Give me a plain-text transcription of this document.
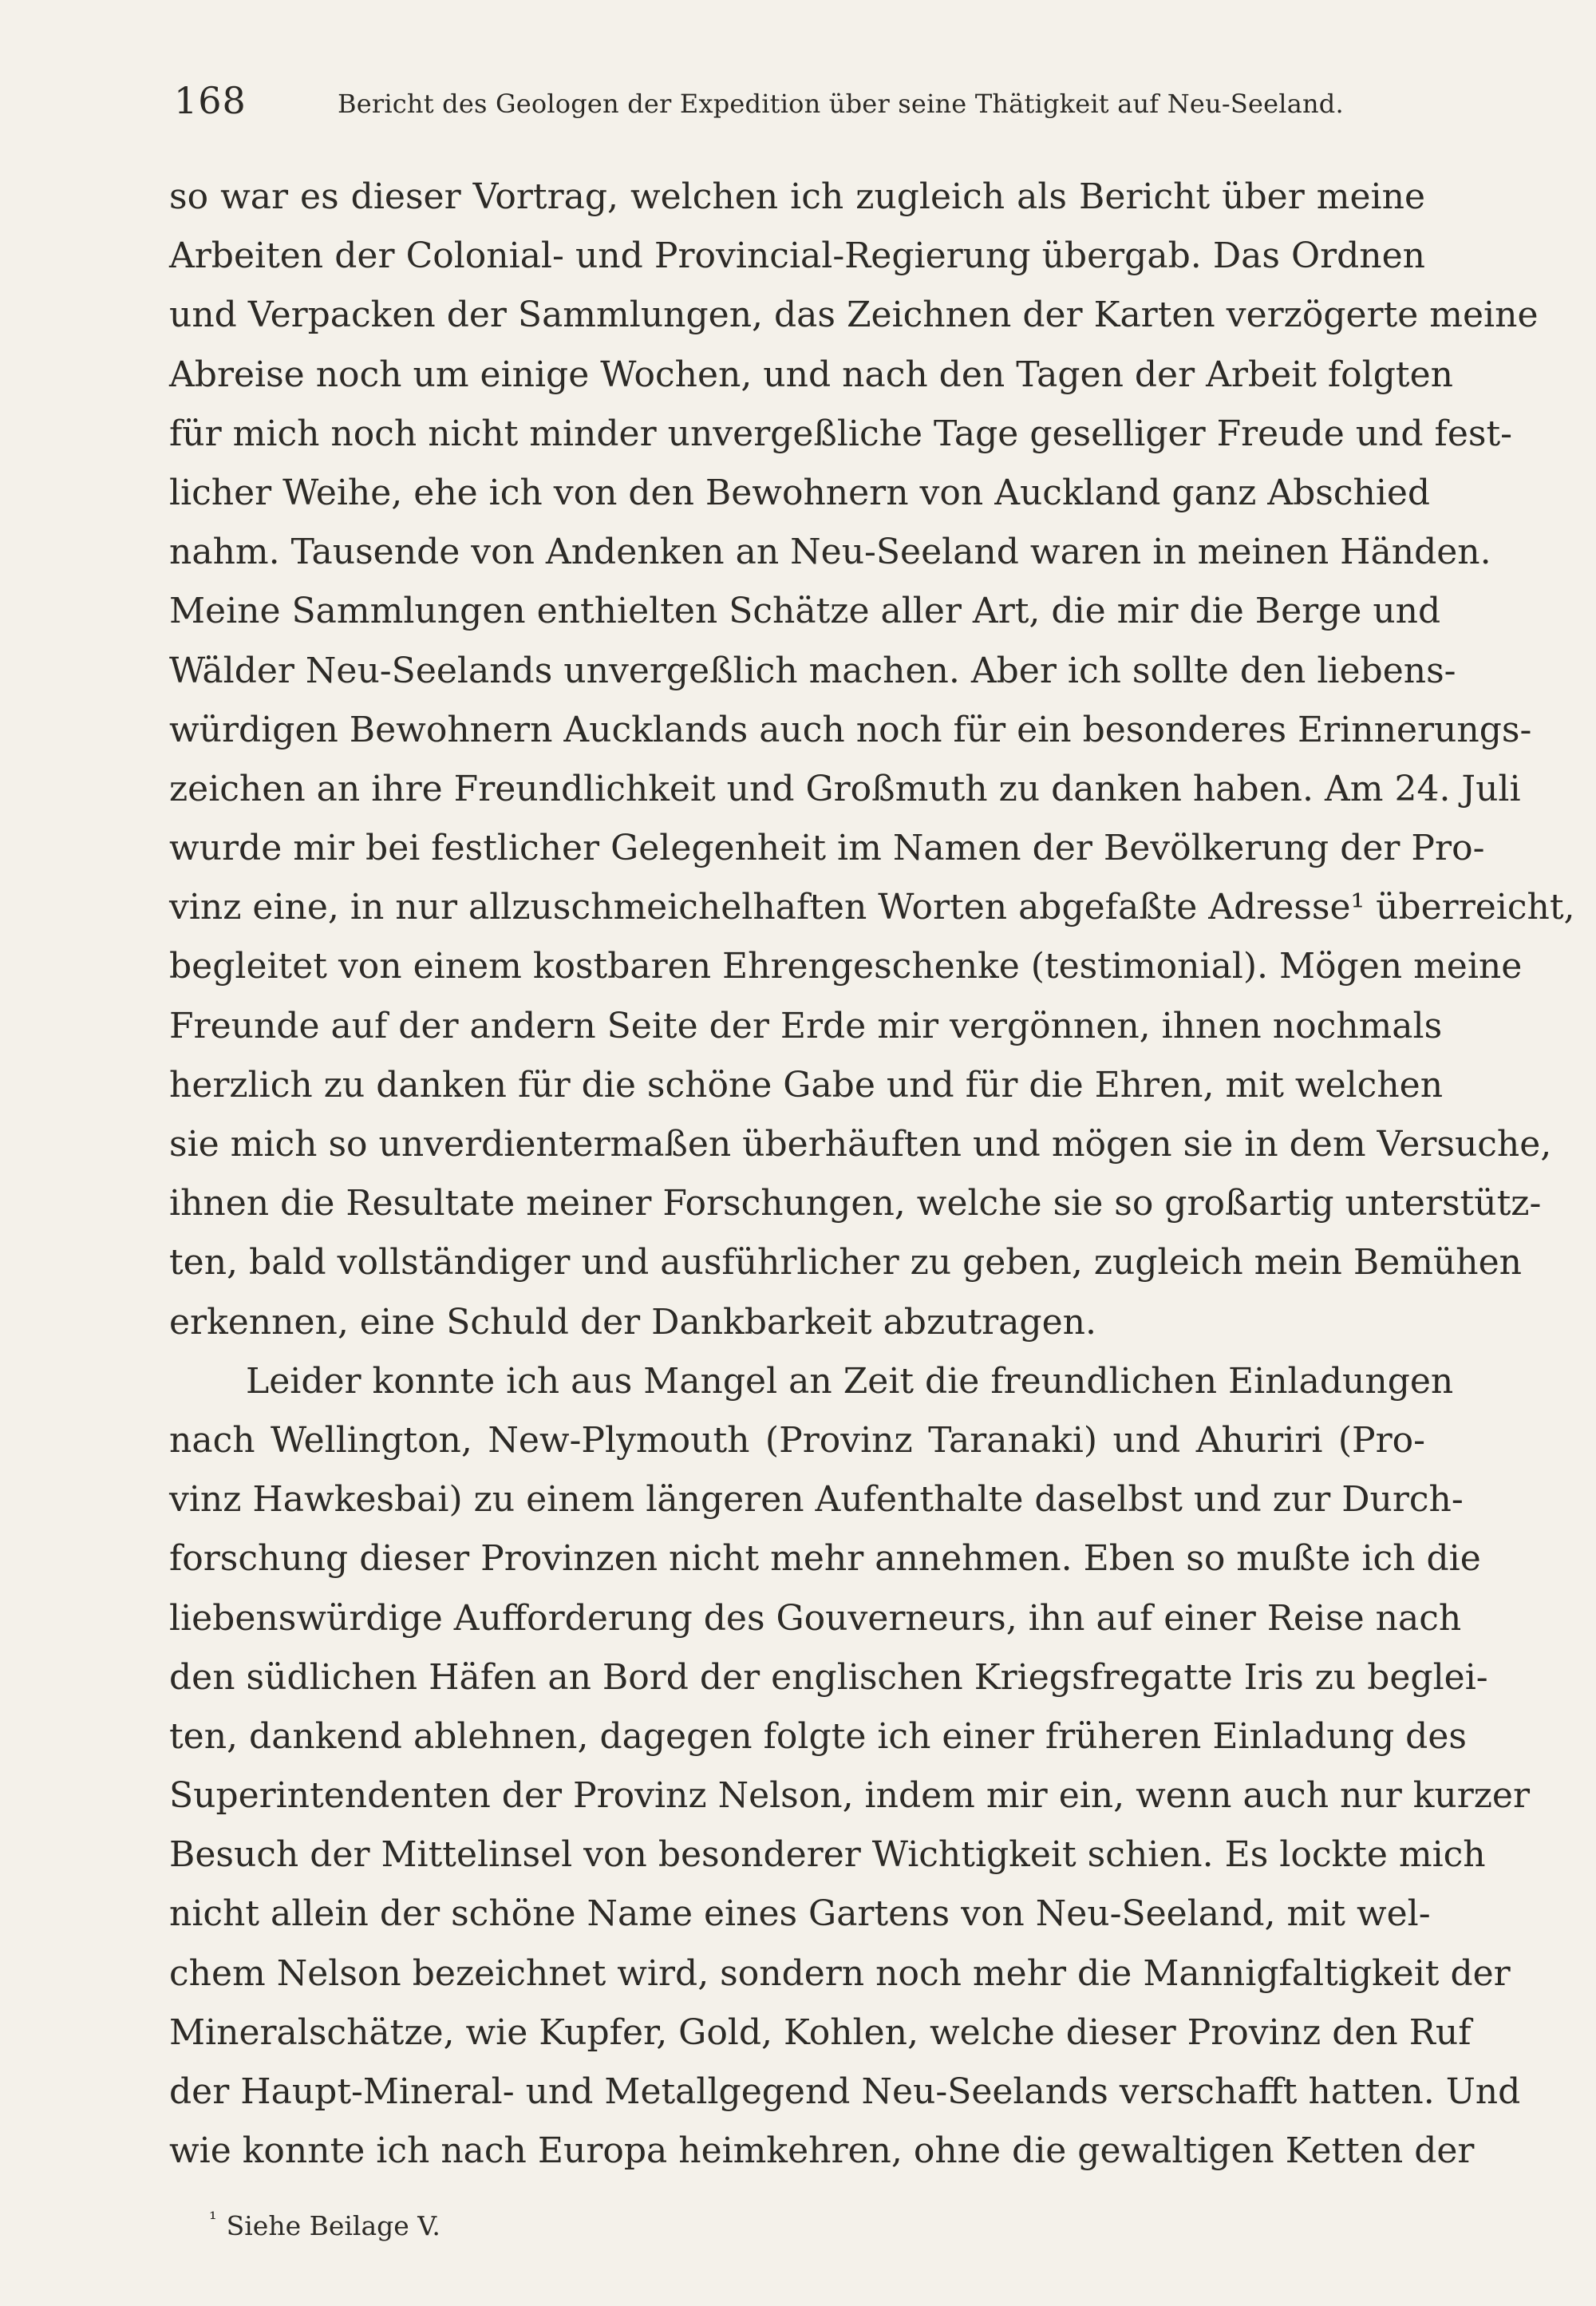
168	Bericht des Geologen der Expedition über seine Thätigkeit auf Neu-Seeland.
so war es dieser Vortrag, welchen ich zugleich als Bericht über meine
Arbeiten der Colonial- und Provincial-Regierung übergab. Das Ordnen
und Verpacken der Sammlungen, das Zeichnen der Karten verzögerte meine
Abreise noch um einige Wochen, und nach den Tagen der Arbeit folgten
für mich noch nicht minder unvergeßliche Tage geselliger Freude und fest-
licher Weihe, ehe ich von den Bewohnern von Auckland ganz Abschied
nahm. Tausende von Andenken an Neu-Seeland waren in meinen Händen.
Meine Sammlungen enthielten Schätze aller Art, die mir die Berge und
Wälder Neu-Seelands unvergeßlich machen. Aber ich sollte den liebens-
würdigen Bewohnern Aucklands auch noch für ein besonderes Erinnerungs-
zeichen an ihre Freundlichkeit und Großmuth zu danken haben. Am 24. Juli
wurde mir bei festlicher Gelegenheit im Namen der Bevölkerung der Pro-
vinz eine, in nur allzuschmeichelhaften Worten abgefaßte Adresse¹ überreicht,
begleitet von einem kostbaren Ehrengeschenke (testimonial). Mögen meine
Freunde auf der andern Seite der Erde mir vergönnen, ihnen nochmals
herzlich zu danken für die schöne Gabe und für die Ehren, mit welchen
sie mich so unverdientermaßen überhäuften und mögen sie in dem Versuche,
ihnen die Resultate meiner Forschungen, welche sie so großartig unterstütz-
ten, bald vollständiger und ausführlicher zu geben, zugleich mein Bemühen
erkennen, eine Schuld der Dankbarkeit abzutragen.
Leider konnte ich aus Mangel an Zeit die freundlichen Einladungen
nach Wellington, New-Plymouth (Provinz Taranaki) und Ahuriri (Pro-
vinz Hawkesbai) zu einem längeren Aufenthalte daselbst und zur Durch-
forschung dieser Provinzen nicht mehr annehmen. Eben so mußte ich die
liebenswürdige Aufforderung des Gouverneurs, ihn auf einer Reise nach
den südlichen Häfen an Bord der englischen Kriegsfregatte Iris zu beglei-
ten, dankend ablehnen, dagegen folgte ich einer früheren Einladung des
Superintendenten der Provinz Nelson, indem mir ein, wenn auch nur kurzer
Besuch der Mittelinsel von besonderer Wichtigkeit schien. Es lockte mich
nicht allein der schöne Name eines Gartens von Neu-Seeland, mit wel-
chem Nelson bezeichnet wird, sondern noch mehr die Mannigfaltigkeit der
Mineralschätze, wie Kupfer, Gold, Kohlen, welche dieser Provinz den Ruf
der Haupt-Mineral- und Metallgegend Neu-Seelands verschafft hatten. Und
wie konnte ich nach Europa heimkehren, ohne die gewaltigen Ketten der
$^{^1}$ Siehe Beilage V.
